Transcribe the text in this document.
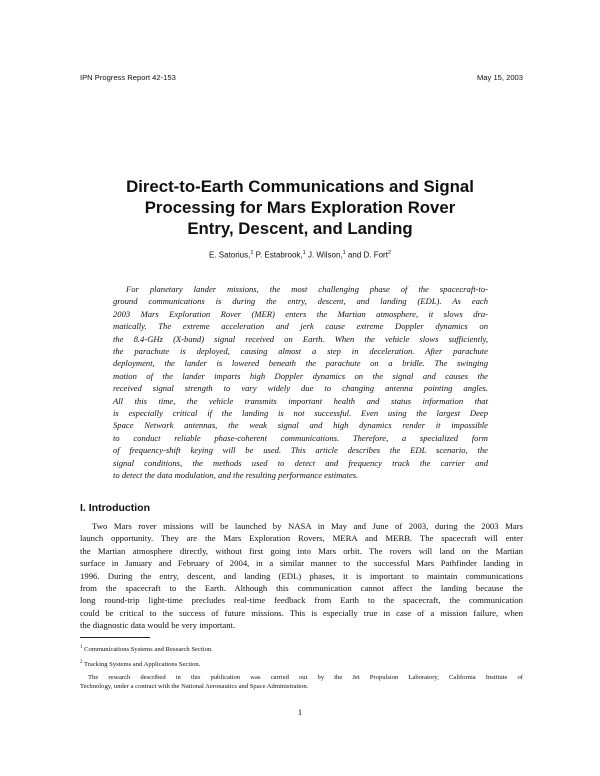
IPN Progress Report 42-153	May 15, 2003
Direct-to-Earth Communications and Signal
Processing for Mars Exploration Rover
Entry, Descent, and Landing
E. Satorius,$^1$ P. Estabrook,$^1$ J. Wilson,$^1$ and D. Fort$^2$
For planetary lander missions, the most challenging phase of the spacecraft-to-
ground communications is during the entry, descent, and landing (EDL). As each
2003 Mars Exploration Rover (MER) enters the Martian atmosphere, it slows dra-
matically. The extreme acceleration and jerk cause extreme Doppler dynamics on
the 8.4-GHz (X-band) signal received on Earth. When the vehicle slows sufficiently,
the parachute is deployed, causing almost a step in deceleration. After parachute
deployment, the lander is lowered beneath the parachute on a bridle. The swinging
motion of the lander imparts high Doppler dynamics on the signal and causes the
received signal strength to vary widely due to changing antenna pointing angles.
All this time, the vehicle transmits important health and status information that
is especially critical if the landing is not successful. Even using the largest Deep
Space Network antennas, the weak signal and high dynamics render it impossible
to conduct reliable phase-coherent communications. Therefore, a specialized form
of frequency-shift keying will be used. This article describes the EDL scenario, the
signal conditions, the methods used to detect and frequency track the carrier and
to detect the data modulation, and the resulting performance estimates.
I. Introduction
Two Mars rover missions will be launched by NASA in May and June of 2003, during the 2003 Mars
launch opportunity. They are the Mars Exploration Rovers, MERA and MERB. The spacecraft will enter
the Martian atmosphere directly, without first going into Mars orbit. The rovers will land on the Martian
surface in January and February of 2004, in a similar manner to the successful Mars Pathfinder landing in
1996. During the entry, descent, and landing (EDL) phases, it is important to maintain communications
from the spacecraft to the Earth. Although this communication cannot affect the landing because the
long round-trip light-time precludes real-time feedback from Earth to the spacecraft, the communication
could be critical to the success of future missions. This is especially true in case of a mission failure, when
the diagnostic data would be very important.

$^1$ Communications Systems and Research Section.

$^2$ Tracking Systems and Applications Section.

The research described in this publication was carried out by the Jet Propulsion Laboratory, California Institute of
Technology, under a contract with the National Aeronautics and Space Administration.

1
